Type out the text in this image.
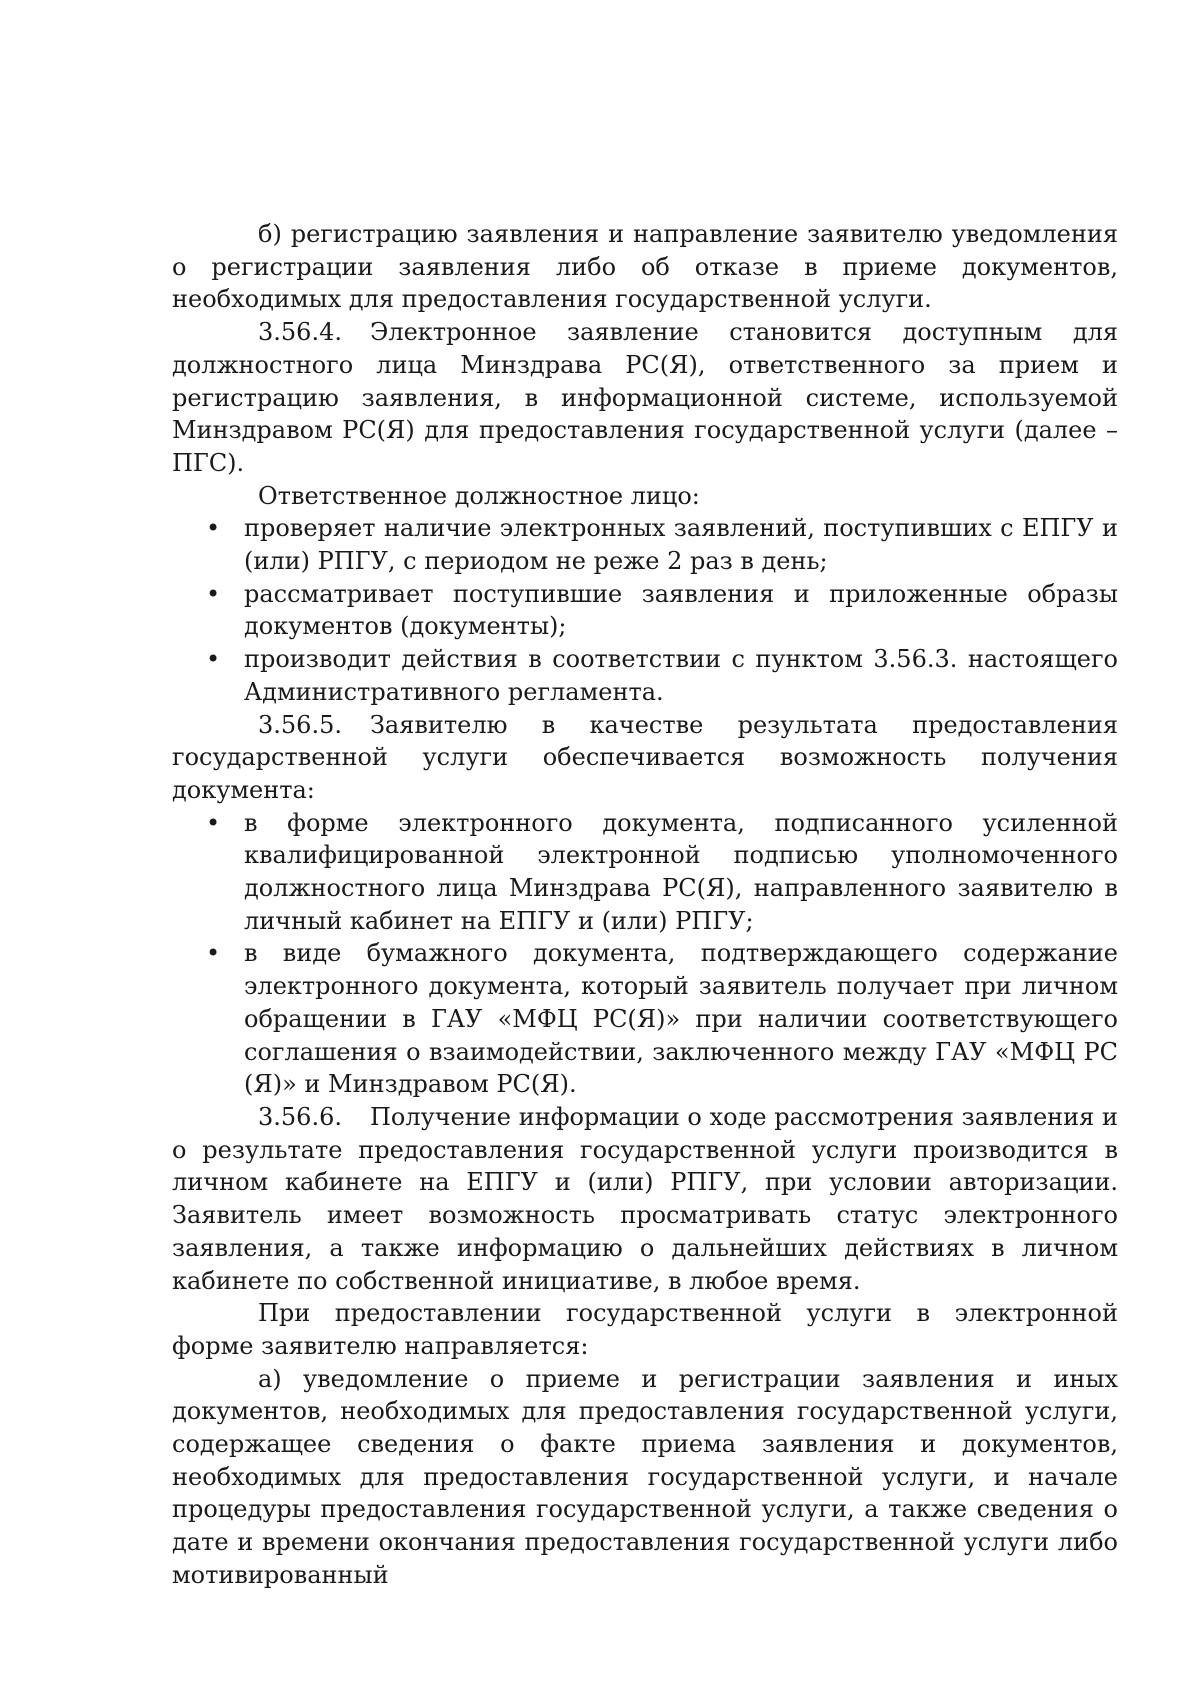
б) регистрацию заявления и направление заявителю уведомления о регистрации заявления либо об отказе в приеме документов, необходимых для предоставления государственной услуги.

3.56.4. Электронное заявление становится доступным для должностного лица Минздрава РС(Я), ответственного за прием и регистрацию заявления, в информационной системе, используемой Минздравом РС(Я) для предоставления государственной услуги (далее – ПГС).

Ответственное должностное лицо:

• проверяет наличие электронных заявлений, поступивших с ЕПГУ и (или) РПГУ, с периодом не реже 2 раз в день;
• рассматривает поступившие заявления и приложенные образы документов (документы);
• производит действия в соответствии с пунктом 3.56.3. настоящего Административного регламента.

3.56.5. Заявителю в качестве результата предоставления государственной услуги обеспечивается возможность получения документа:

• в форме электронного документа, подписанного усиленной квалифицированной электронной подписью уполномоченного должностного лица Минздрава РС(Я), направленного заявителю в личный кабинет на ЕПГУ и (или) РПГУ;
• в виде бумажного документа, подтверждающего содержание электронного документа, который заявитель получает при личном обращении в ГАУ «МФЦ РС(Я)» при наличии соответствующего соглашения о взаимодействии, заключенного между ГАУ «МФЦ РС (Я)» и Минздравом РС(Я).

3.56.6. Получение информации о ходе рассмотрения заявления и о результате предоставления государственной услуги производится в личном кабинете на ЕПГУ и (или) РПГУ, при условии авторизации. Заявитель имеет возможность просматривать статус электронного заявления, а также информацию о дальнейших действиях в личном кабинете по собственной инициативе, в любое время.

При предоставлении государственной услуги в электронной форме заявителю направляется:

а) уведомление о приеме и регистрации заявления и иных документов, необходимых для предоставления государственной услуги, содержащее сведения о факте приема заявления и документов, необходимых для предоставления государственной услуги, и начале процедуры предоставления государственной услуги, а также сведения о дате и времени окончания предоставления государственной услуги либо мотивированный
